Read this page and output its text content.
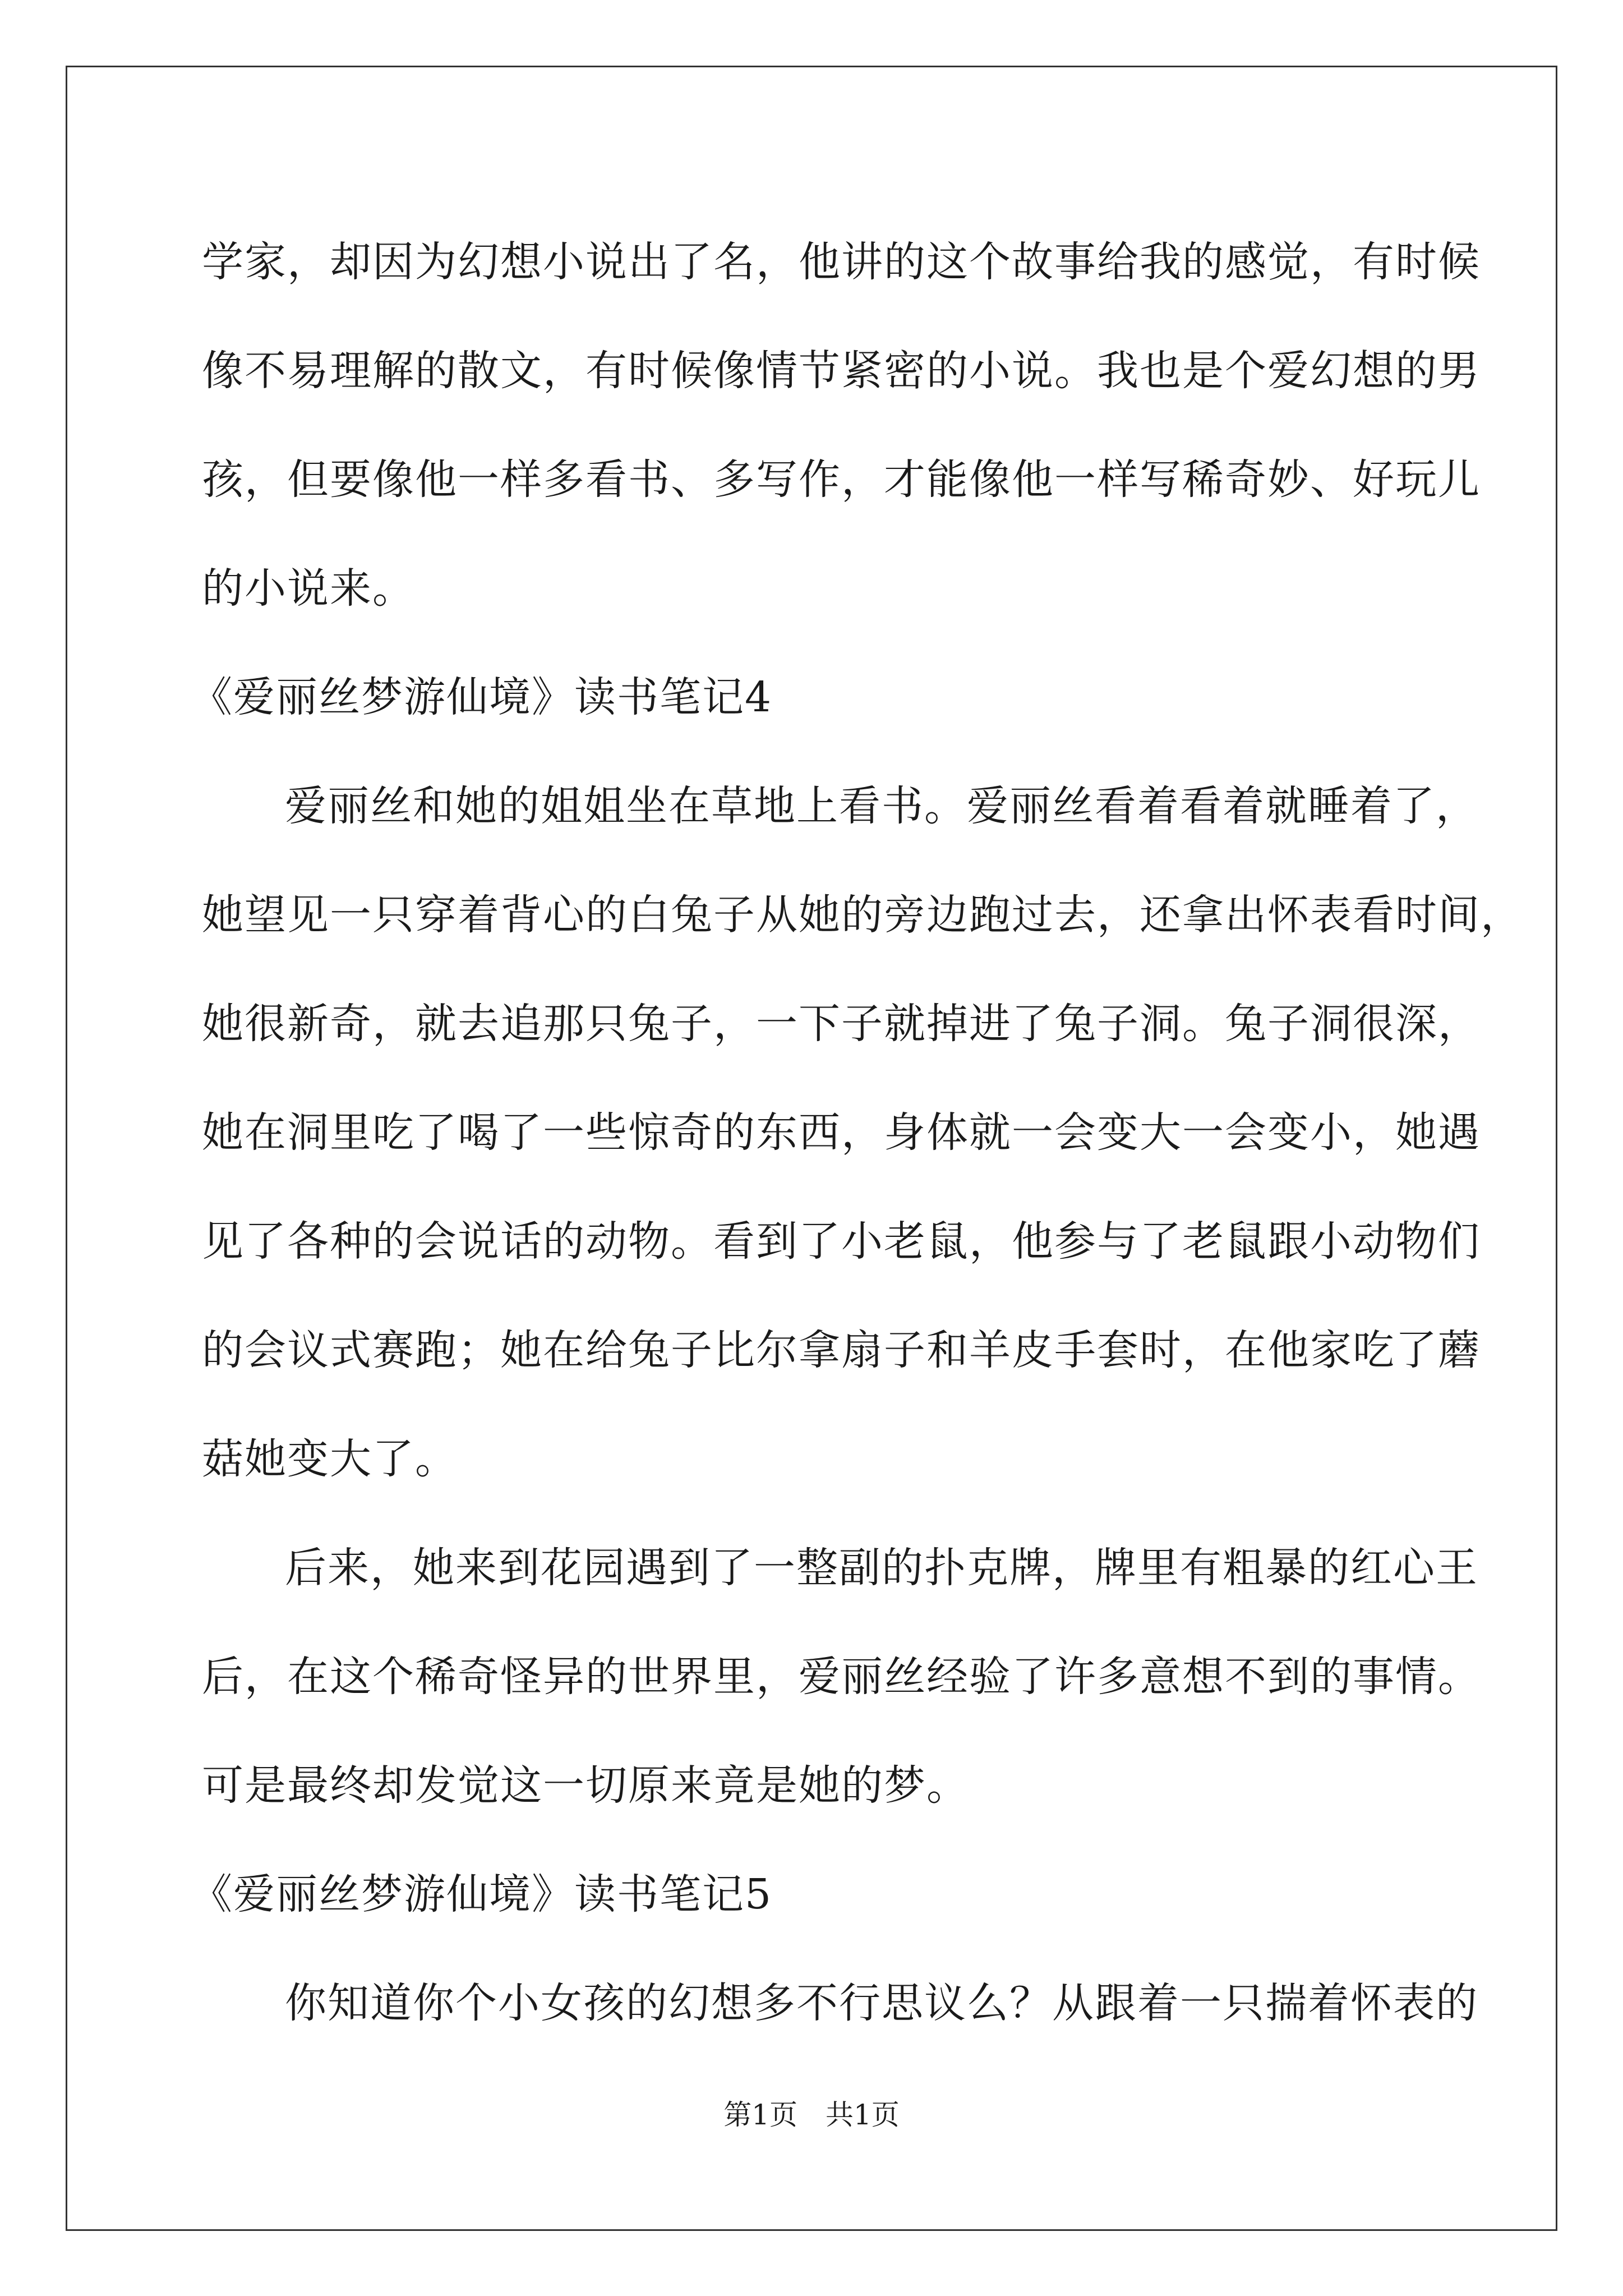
学家，却因为幻想小说出了名，他讲的这个故事给我的感觉，有时候
像不易理解的散文，有时候像情节紧密的小说。我也是个爱幻想的男
孩，但要像他一样多看书、多写作，才能像他一样写稀奇妙、好玩儿
的小说来。
《爱丽丝梦游仙境》读书笔记4
爱丽丝和她的姐姐坐在草地上看书。爱丽丝看着看着就睡着了，
她望见一只穿着背心的白兔子从她的旁边跑过去，还拿出怀表看时间，
她很新奇，就去追那只兔子，一下子就掉进了兔子洞。兔子洞很深，
她在洞里吃了喝了一些惊奇的东西，身体就一会变大一会变小，她遇
见了各种的会说话的动物。看到了小老鼠，他参与了老鼠跟小动物们
的会议式赛跑；她在给兔子比尔拿扇子和羊皮手套时，在他家吃了蘑
菇她变大了。
后来，她来到花园遇到了一整副的扑克牌，牌里有粗暴的红心王
后，在这个稀奇怪异的世界里，爱丽丝经验了许多意想不到的事情。
可是最终却发觉这一切原来竟是她的梦。
《爱丽丝梦游仙境》读书笔记5
你知道你个小女孩的幻想多不行思议么？从跟着一只揣着怀表的
第1页　共1页
